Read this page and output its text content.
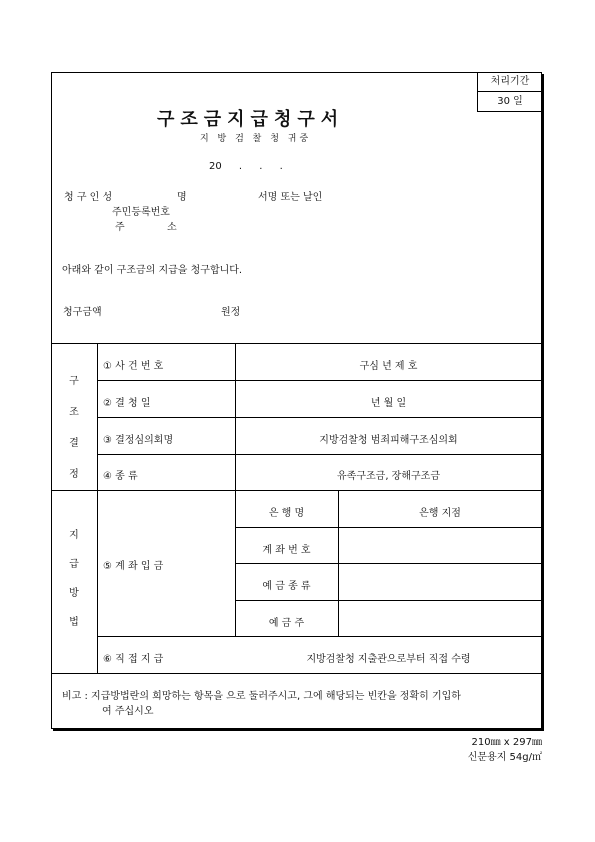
처리기간
30 일
구조금지급청구서
지 방 검 찰 청 귀중
20 . . .
청 구 인 성	명	서명 또는 날인
주민등록번호
주	소
아래와 같이 구조금의 지급을 청구합니다.
청구금액	원정
구
조
결
정
① 사 건 번 호	구심 년 제 호
② 결 청 일	년 월 일
③ 결정심의회명	지방검찰청 범죄피해구조심의회
④ 종 류	유족구조금, 장해구조금
지
급
방
법
⑤ 계 좌 입 금
은 행 명	은행 지점
계 좌 번 호
예 금 종 류
예 금 주
⑥ 직 접 지 급	지방검찰청 지출관으로부터 직접 수령
비고 : 지급방법란의 희망하는 항목을 으로 둘러주시고, 그에 해당되는 빈칸을 정확히 기입하
여 주십시오
210㎜ x 297㎜
신문용지 54g/㎡
